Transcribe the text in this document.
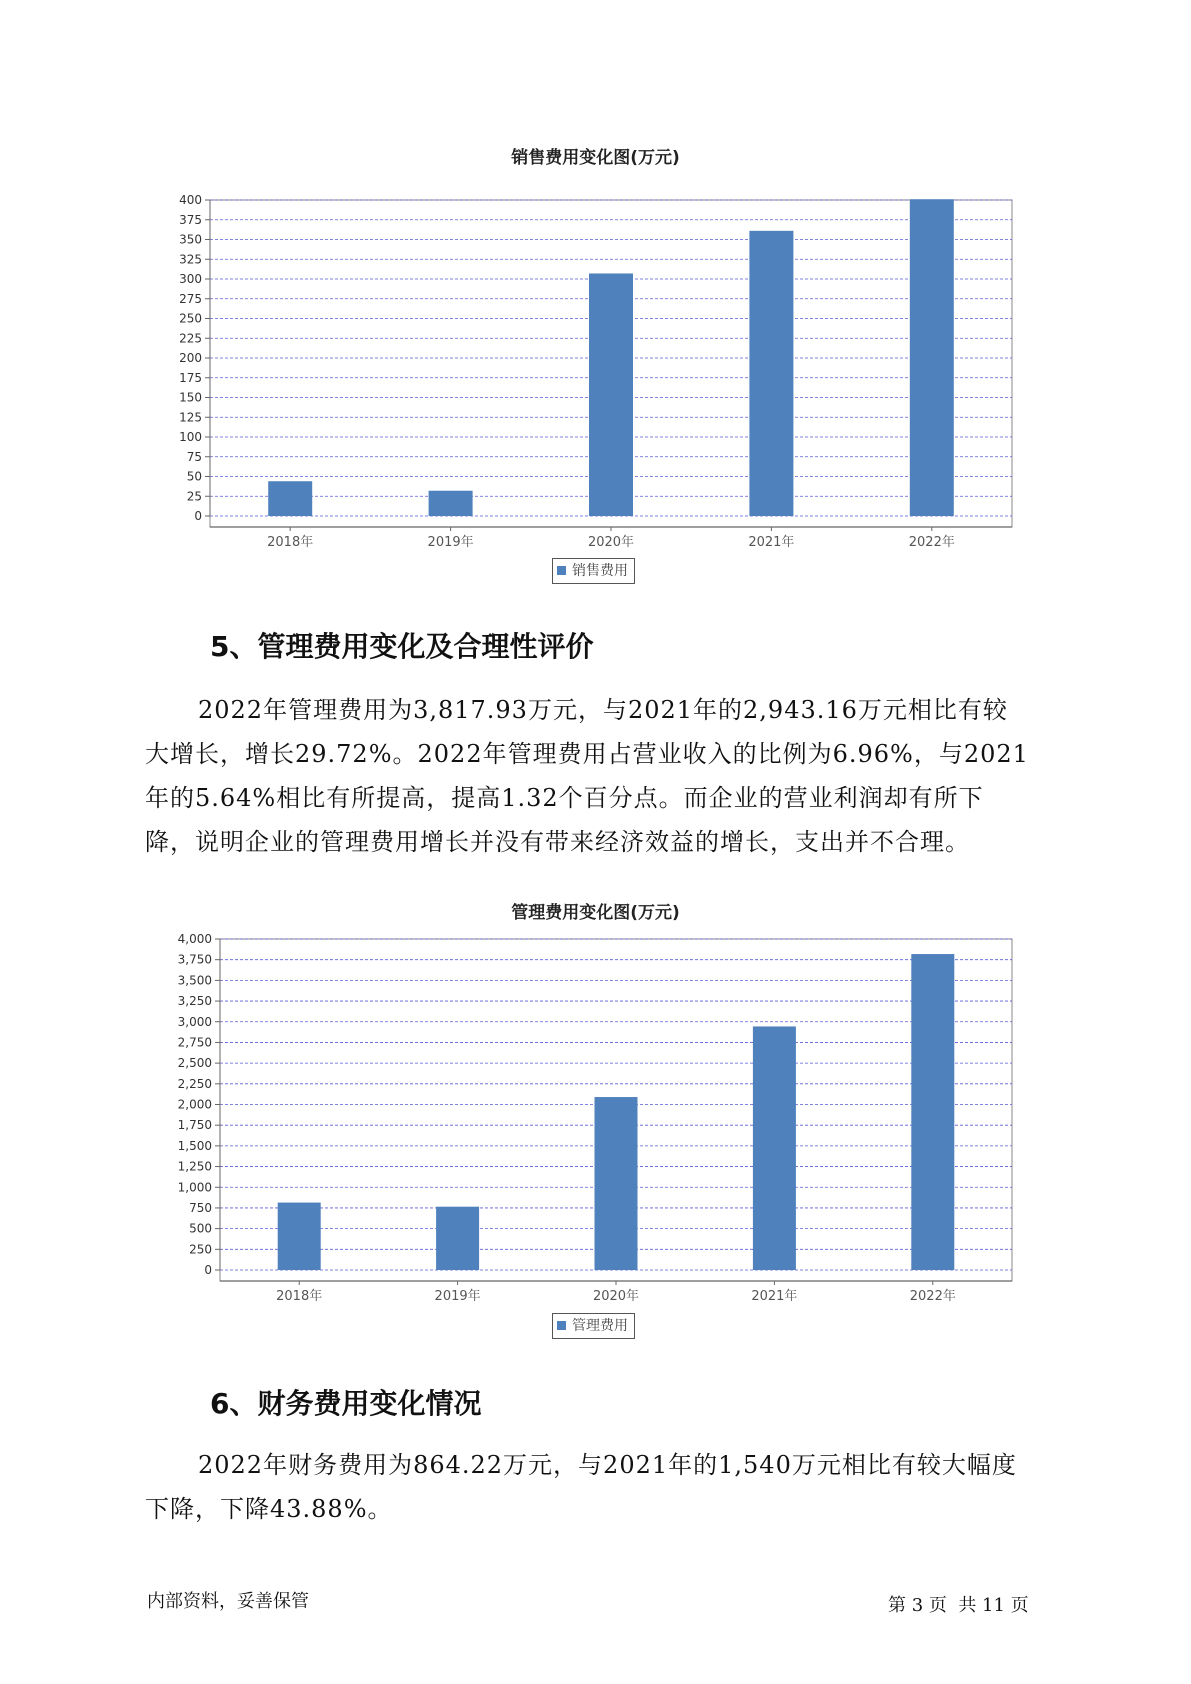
销售费用变化图(万元)
0
25
50
75
100
125
150
175
200
225
250
275
300
325
350
375
400
2018年	2019年	2020年	2021年	2022年
销售费用
5、管理费用变化及合理性评价
2022年管理费用为3,817.93万元，与2021年的2,943.16万元相比有较
大增长，增长29.72%。2022年管理费用占营业收入的比例为6.96%，与2021
年的5.64%相比有所提高，提高1.32个百分点。而企业的营业利润却有所下
降，说明企业的管理费用增长并没有带来经济效益的增长，支出并不合理。
管理费用变化图(万元)
0
250
500
750
1,000
1,250
1,500
1,750
2,000
2,250
2,500
2,750
3,000
3,250
3,500
3,750
4,000
2018年	2019年	2020年	2021年	2022年
管理费用
6、财务费用变化情况
2022年财务费用为864.22万元，与2021年的1,540万元相比有较大幅度
下降，下降43.88%。
内部资料，妥善保管	第 3 页  共 11 页
